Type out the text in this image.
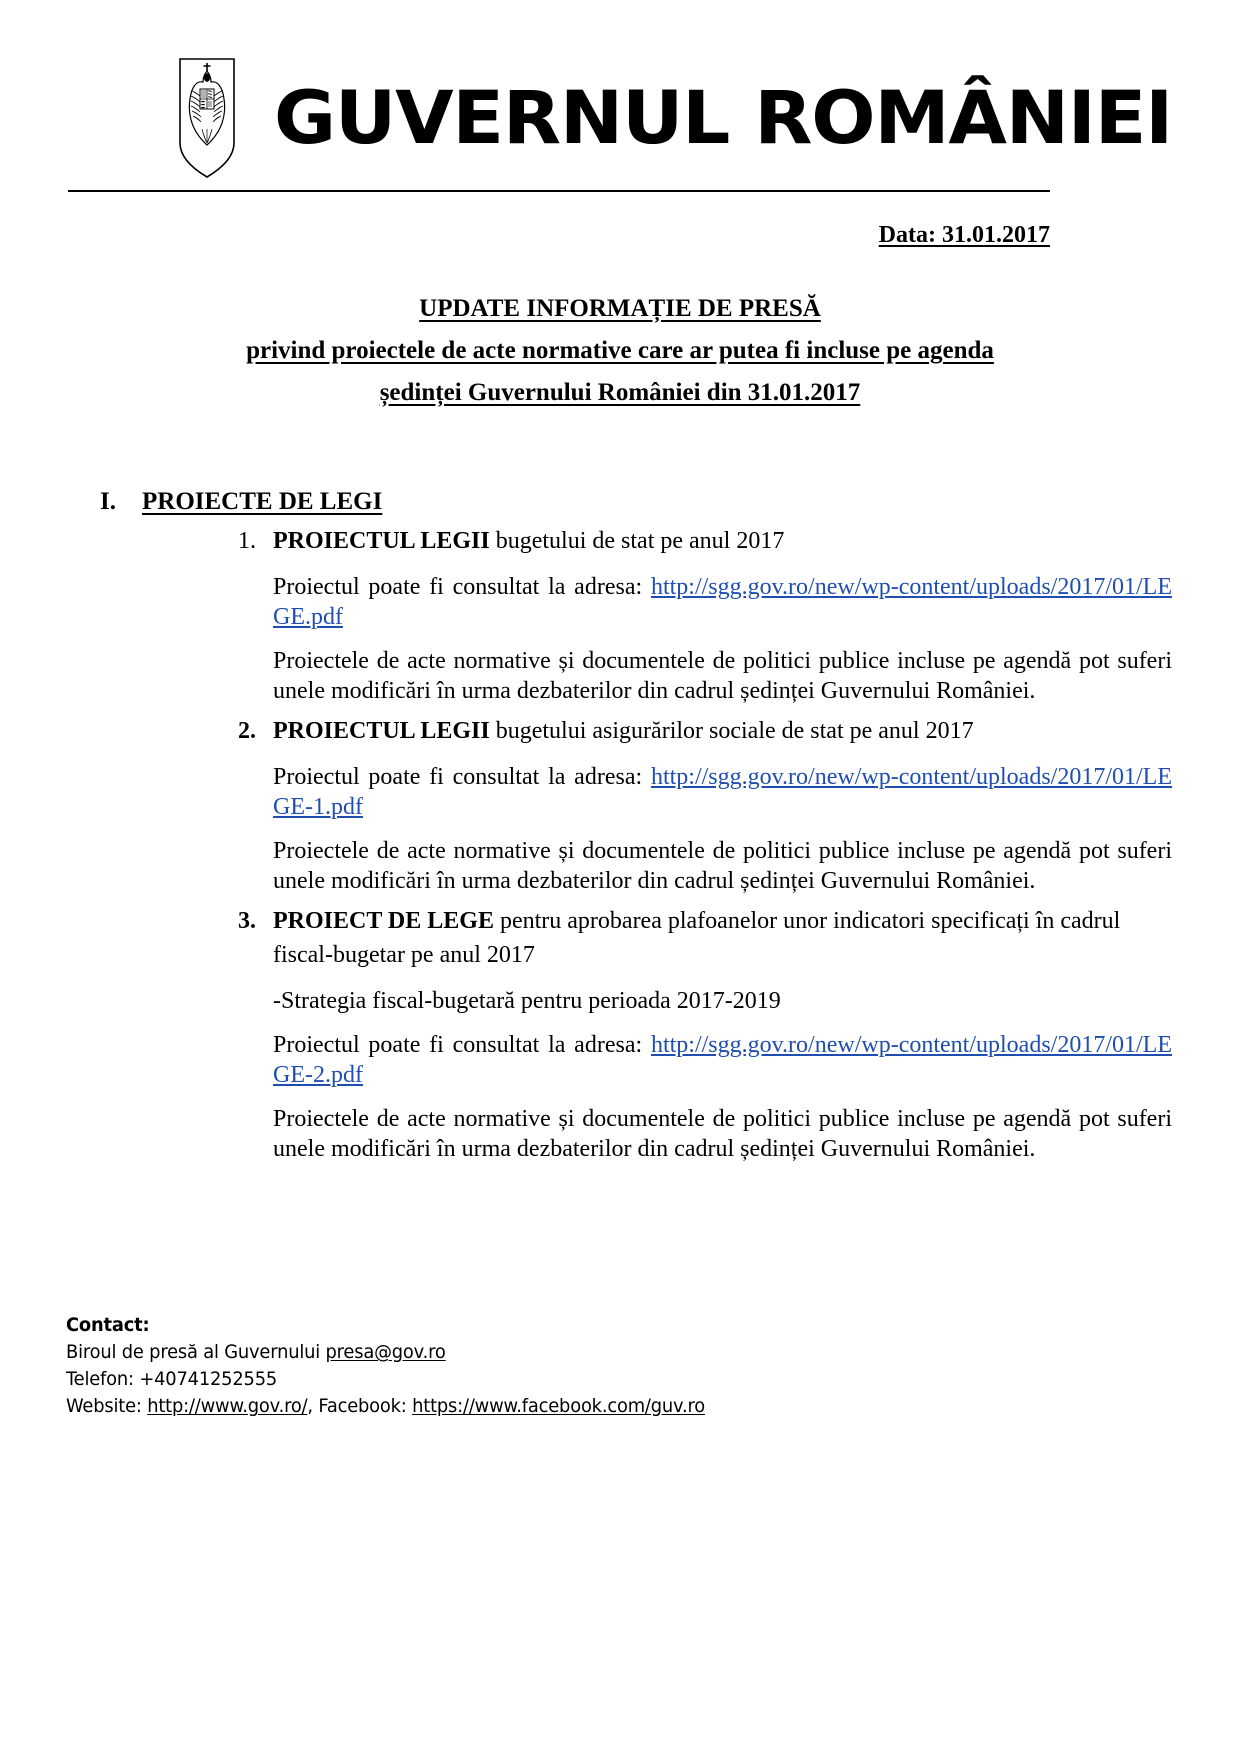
GUVERNUL ROMÂNIEI
Data: 31.01.2017

UPDATE INFORMAȚIE DE PRESĂ

privind proiectele de acte normative care ar putea fi incluse pe agenda

ședinței Guvernului României din 31.01.2017

I.	PROIECTE DE LEGI
1. PROIECTUL LEGII bugetului de stat pe anul 2017

Proiectul poate fi consultat la adresa: http://sgg.gov.ro/new/wp-content/uploads/2017/01/LEGE.pdf

Proiectele de acte normative și documentele de politici publice incluse pe agendă pot suferi unele modificări în urma dezbaterilor din cadrul ședinței Guvernului României.

2. PROIECTUL LEGII bugetului asigurărilor sociale de stat pe anul 2017

Proiectul poate fi consultat la adresa: http://sgg.gov.ro/new/wp-content/uploads/2017/01/LEGE-1.pdf

Proiectele de acte normative și documentele de politici publice incluse pe agendă pot suferi unele modificări în urma dezbaterilor din cadrul ședinței Guvernului României.

3. PROIECT DE LEGE pentru aprobarea plafoanelor unor indicatori specificați în cadrul fiscal-bugetar pe anul 2017

-Strategia fiscal-bugetară pentru perioada 2017-2019

Proiectul poate fi consultat la adresa: http://sgg.gov.ro/new/wp-content/uploads/2017/01/LEGE-2.pdf

Proiectele de acte normative și documentele de politici publice incluse pe agendă pot suferi unele modificări în urma dezbaterilor din cadrul ședinței Guvernului României.

Contact:

Biroul de presă al Guvernului presa@gov.ro

Telefon: +40741252555

Website: http://www.gov.ro/, Facebook: https://www.facebook.com/guv.ro
